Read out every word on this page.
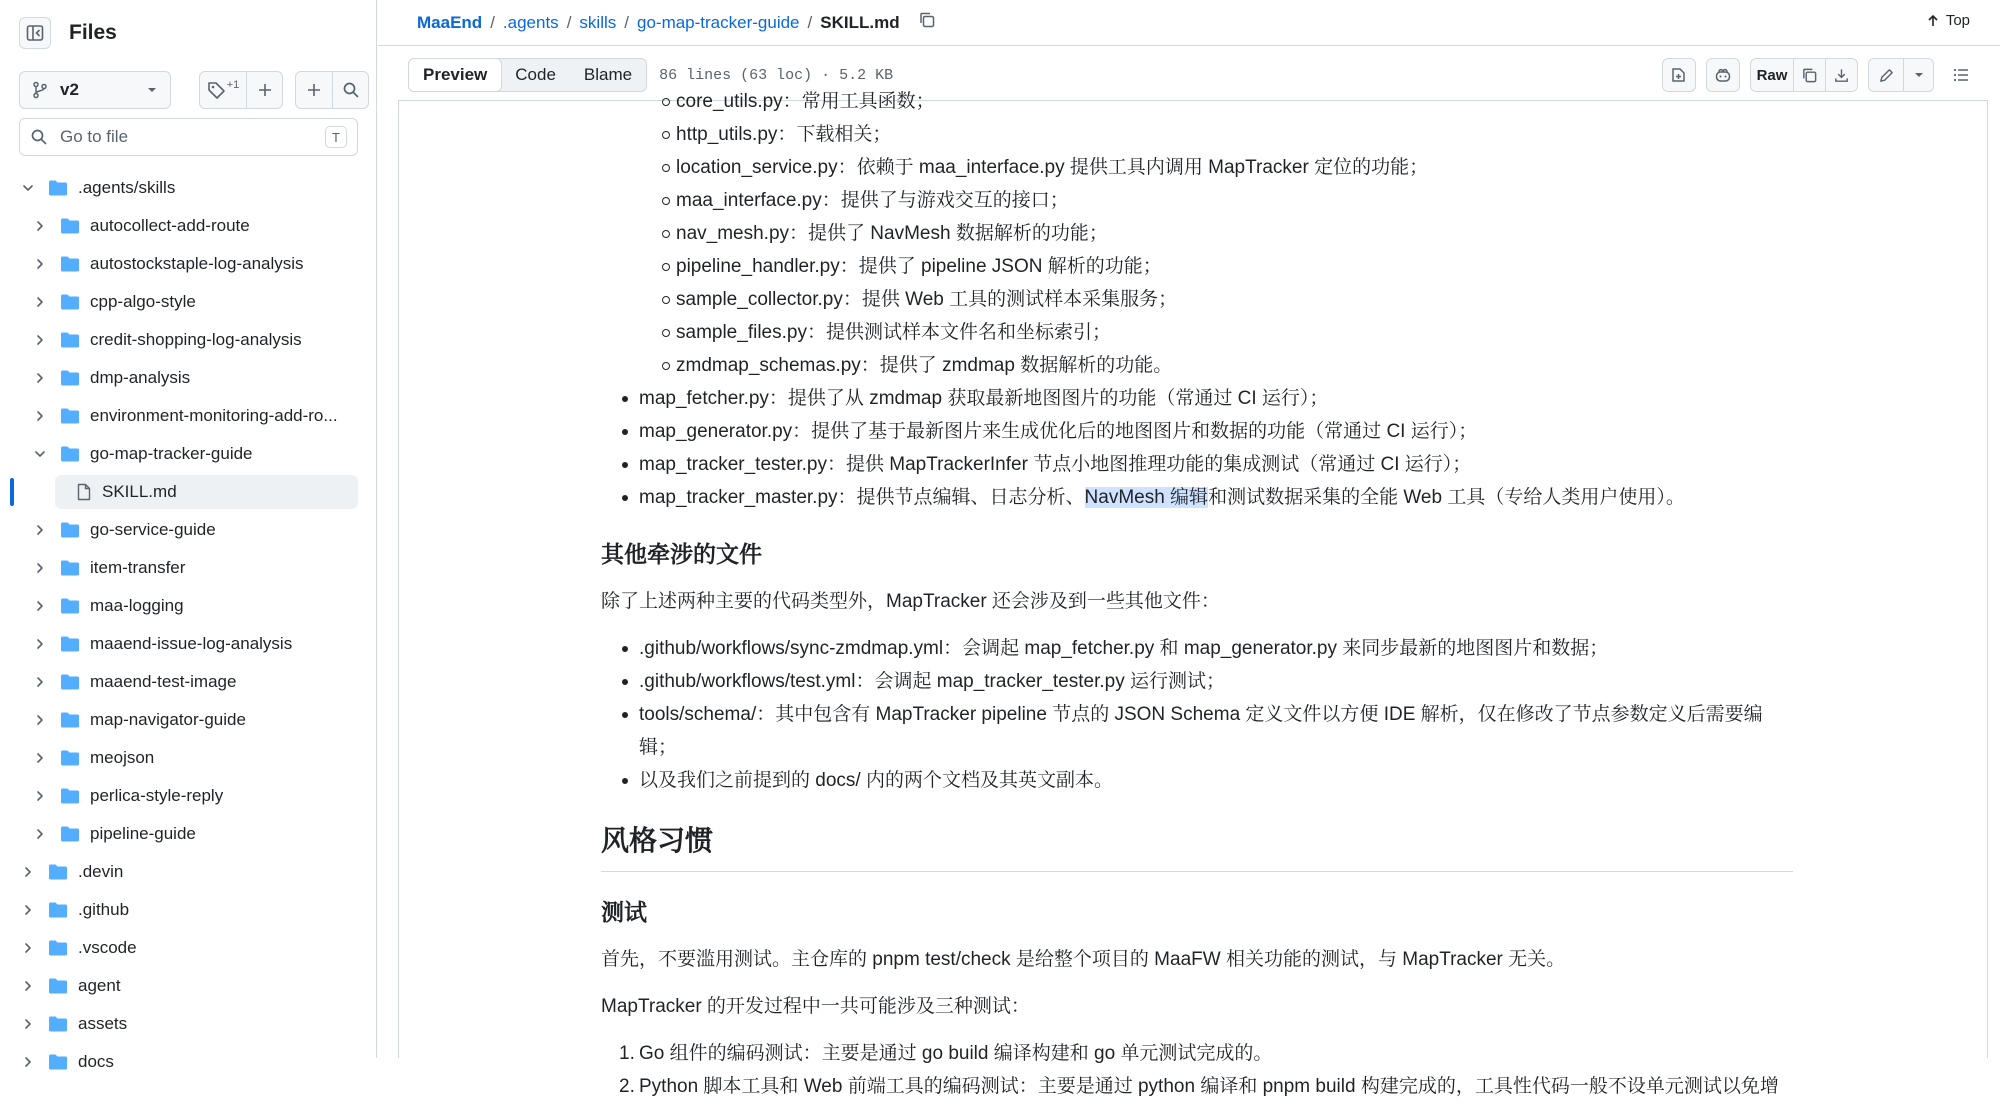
Files
v2	+1
Go to file	T
.agents/skills
autocollect-add-route
autostockstaple-log-analysis
cpp-algo-style
credit-shopping-log-analysis
dmp-analysis
environment-monitoring-add-ro...
go-map-tracker-guide
SKILL.md
go-service-guide
item-transfer
maa-logging
maaend-issue-log-analysis
maaend-test-image
map-navigator-guide
meojson
perlica-style-reply
pipeline-guide
.devin
.github
.vscode
agent
assets
docs
MaaEnd / .agents / skills / go-map-tracker-guide / SKILL.md	Top
Preview	Code	Blame	86 lines (63 loc) · 5.2 KB	Raw
core_utils.py：常用工具函数；
http_utils.py：下载相关；
location_service.py：依赖于 maa_interface.py 提供工具内调用 MapTracker 定位的功能；
maa_interface.py：提供了与游戏交互的接口；
nav_mesh.py：提供了 NavMesh 数据解析的功能；
pipeline_handler.py：提供了 pipeline JSON 解析的功能；
sample_collector.py：提供 Web 工具的测试样本采集服务；
sample_files.py：提供测试样本文件名和坐标索引；
zmdmap_schemas.py：提供了 zmdmap 数据解析的功能。
map_fetcher.py：提供了从 zmdmap 获取最新地图图片的功能（常通过 CI 运行）；
map_generator.py：提供了基于最新图片来生成优化后的地图图片和数据的功能（常通过 CI 运行）；
map_tracker_tester.py：提供 MapTrackerInfer 节点小地图推理功能的集成测试（常通过 CI 运行）；
map_tracker_master.py：提供节点编辑、日志分析、NavMesh 编辑和测试数据采集的全能 Web 工具（专给人类用户使用）。
其他牵涉的文件

除了上述两种主要的代码类型外，MapTracker 还会涉及到一些其他文件：

.github/workflows/sync-zmdmap.yml：会调起 map_fetcher.py 和 map_generator.py 来同步最新的地图图片和数据；
.github/workflows/test.yml：会调起 map_tracker_tester.py 运行测试；
tools/schema/：其中包含有 MapTracker pipeline 节点的 JSON Schema 定义文件以方便 IDE 解析，仅在修改了节点参数定义后需要编辑；
以及我们之前提到的 docs/ 内的两个文档及其英文副本。
风格习惯
测试

首先，不要滥用测试。主仓库的 pnpm test/check 是给整个项目的 MaaFW 相关功能的测试，与 MapTracker 无关。

MapTracker 的开发过程中一共可能涉及三种测试：

1. Go 组件的编码测试：主要是通过 go build 编译构建和 go 单元测试完成的。
2. Python 脚本工具和 Web 前端工具的编码测试：主要是通过 python 编译和 pnpm build 构建完成的，工具性代码一般不设单元测试以免增
